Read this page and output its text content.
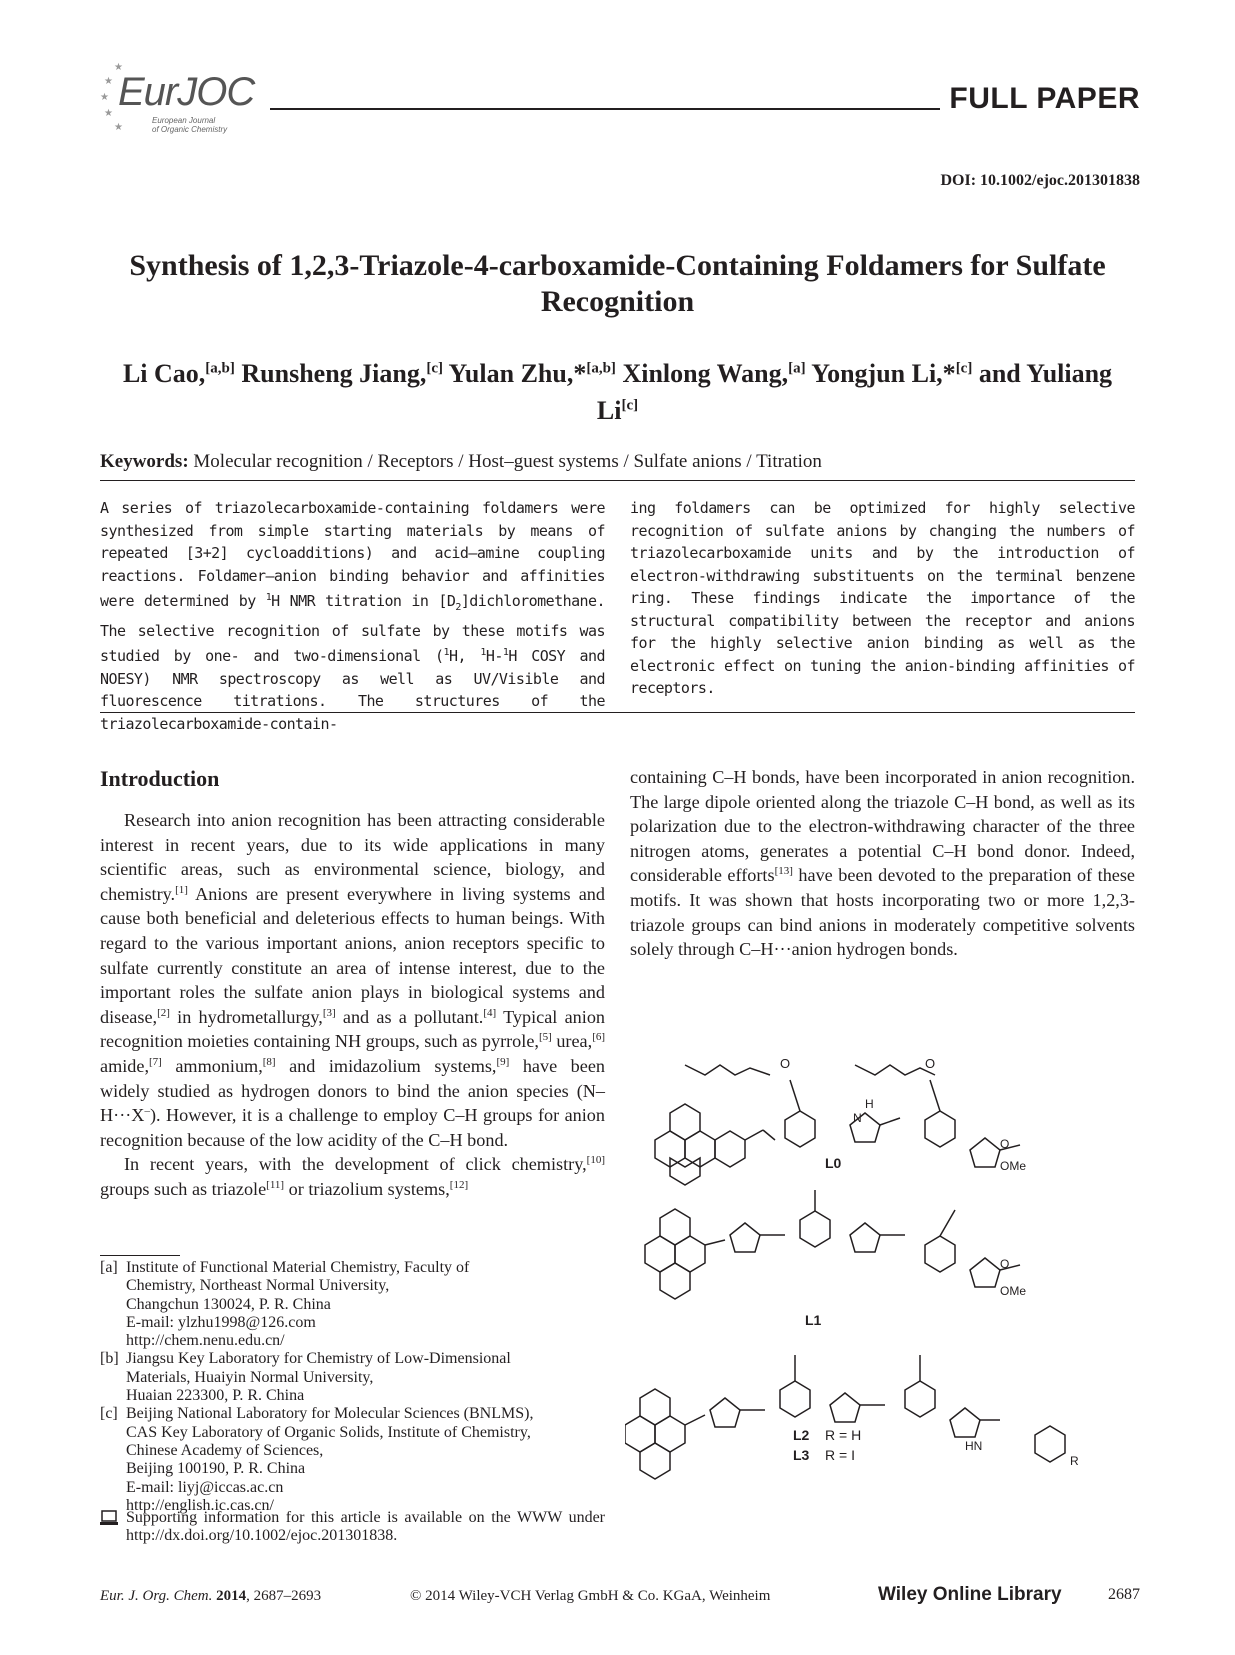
★
★
★
★
★
EurJOC
European Journal
of Organic Chemistry
FULL PAPER
DOI: 10.1002/ejoc.201301838
Synthesis of 1,2,3-Triazole-4-carboxamide-Containing Foldamers for Sulfate Recognition
Li Cao,[a,b] Runsheng Jiang,[c] Yulan Zhu,*[a,b] Xinlong Wang,[a] Yongjun Li,*[c] and Yuliang Li[c]
Keywords: Molecular recognition / Receptors / Host–guest systems / Sulfate anions / Titration
A series of triazolecarboxamide-containing foldamers were synthesized from simple starting materials by means of repeated [3+2] cycloadditions) and acid–amine coupling reactions. Foldamer–anion binding behavior and affinities were determined by $^1$H NMR titration in $[D_2]dichloromethane$. The selective recognition of sulfate by these motifs was studied by one- and two-dimensional ($^1$H, $^1$H-$^1$H COSY and NOESY) NMR spectroscopy as well as UV/Visible and fluorescence titrations. The structures of the triazolecarboxamide-contain-
ing foldamers can be optimized for highly selective recognition of sulfate anions by changing the numbers of triazolecarboxamide units and by the introduction of electron-withdrawing substituents on the terminal benzene ring. These findings indicate the importance of the structural compatibility between the receptor and anions for the highly selective anion binding as well as the electronic effect on tuning the anion-binding affinities of receptors.
Introduction

Research into anion recognition has been attracting considerable interest in recent years, due to its wide applications in many scientific areas, such as environmental science, biology, and chemistry.[1] Anions are present everywhere in living systems and cause both beneficial and deleterious effects to human beings. With regard to the various important anions, anion receptors specific to sulfate currently constitute an area of intense interest, due to the important roles the sulfate anion plays in biological systems and disease,[2] in hydrometallurgy,[3] and as a pollutant.[4] Typical anion recognition moieties containing NH groups, such as pyrrole,[5] urea,[6] amide,[7] ammonium,[8] and imidazolium systems,[9] have been widely studied as hydrogen donors to bind the anion species (N–H···X–). However, it is a challenge to employ C–H groups for anion recognition because of the low acidity of the C–H bond.

In recent years, with the development of click chemistry,[10] groups such as triazole[11] or triazolium systems,[12]

containing C–H bonds, have been incorporated in anion recognition. The large dipole oriented along the triazole C–H bond, as well as its polarization due to the electron-withdrawing character of the three nitrogen atoms, generates a potential C–H bond donor. Indeed, considerable efforts[13] have been devoted to the preparation of these motifs. It was shown that hosts incorporating two or more 1,2,3-triazole groups can bind anions in moderately competitive solvents solely through C–H···anion hydrogen bonds.

[a] Institute of Functional Material Chemistry, Faculty of
Chemistry, Northeast Normal University,
Changchun 130024, P. R. China
E-mail: ylzhu1998@126.com
http://chem.nenu.edu.cn/
[b] Jiangsu Key Laboratory for Chemistry of Low-Dimensional
Materials, Huaiyin Normal University,
Huaian 223300, P. R. China
[c] Beijing National Laboratory for Molecular Sciences (BNLMS),
CAS Key Laboratory of Organic Solids, Institute of Chemistry,
Chinese Academy of Sciences,
Beijing 100190, P. R. China
E-mail: liyj@iccas.ac.cn
http://english.ic.cas.cn/
Supporting information for this article is available on the WWW under http://dx.doi.org/10.1002/ejoc.201301838.
O	O
N
H
O
OMe
L0
L1
OMe
O
HN
R
L2 R = H
L3 R = I
Eur. J. Org. Chem. 2014, 2687–2693	© 2014 Wiley-VCH Verlag GmbH & Co. KGaA, Weinheim	Wiley Online Library	2687
